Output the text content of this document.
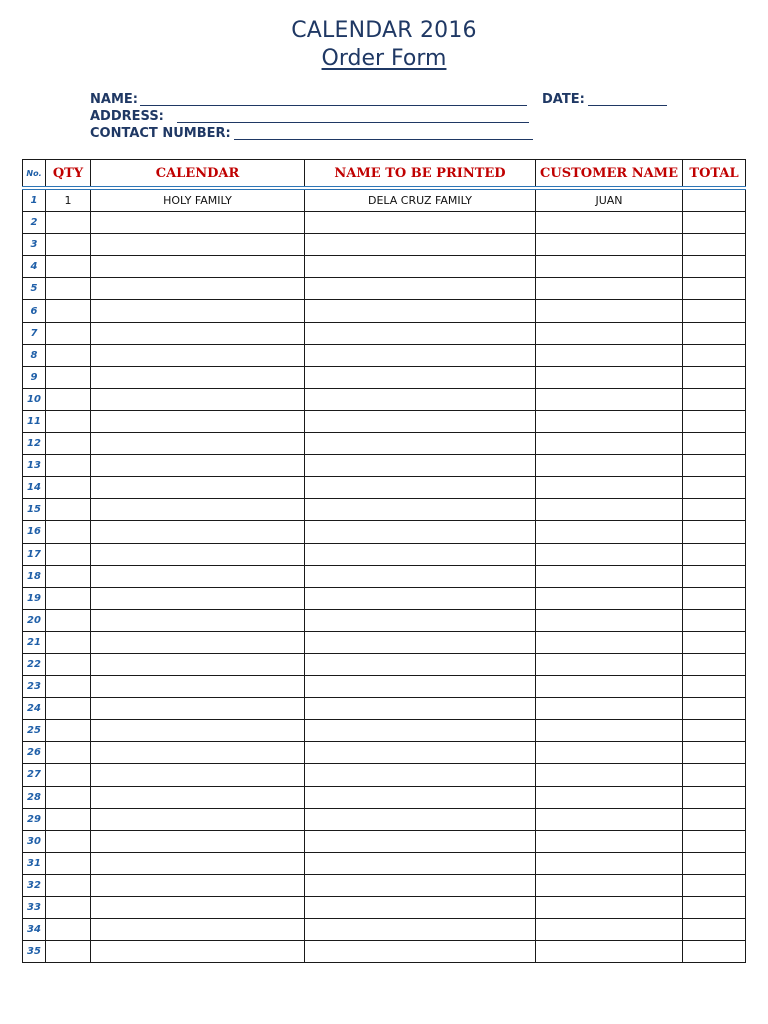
CALENDAR 2016
Order Form
NAME:	DATE:
ADDRESS:
CONTACT NUMBER:
No.	QTY	CALENDAR	NAME TO BE PRINTED	CUSTOMER NAME	TOTAL
1	1	HOLY FAMILY	DELA CRUZ FAMILY	JUAN	
2					
3					
4					
5					
6					
7					
8					
9					
10					
11					
12					
13					
14					
15					
16					
17					
18					
19					
20					
21					
22					
23					
24					
25					
26					
27					
28					
29					
30					
31					
32					
33					
34					
35					
